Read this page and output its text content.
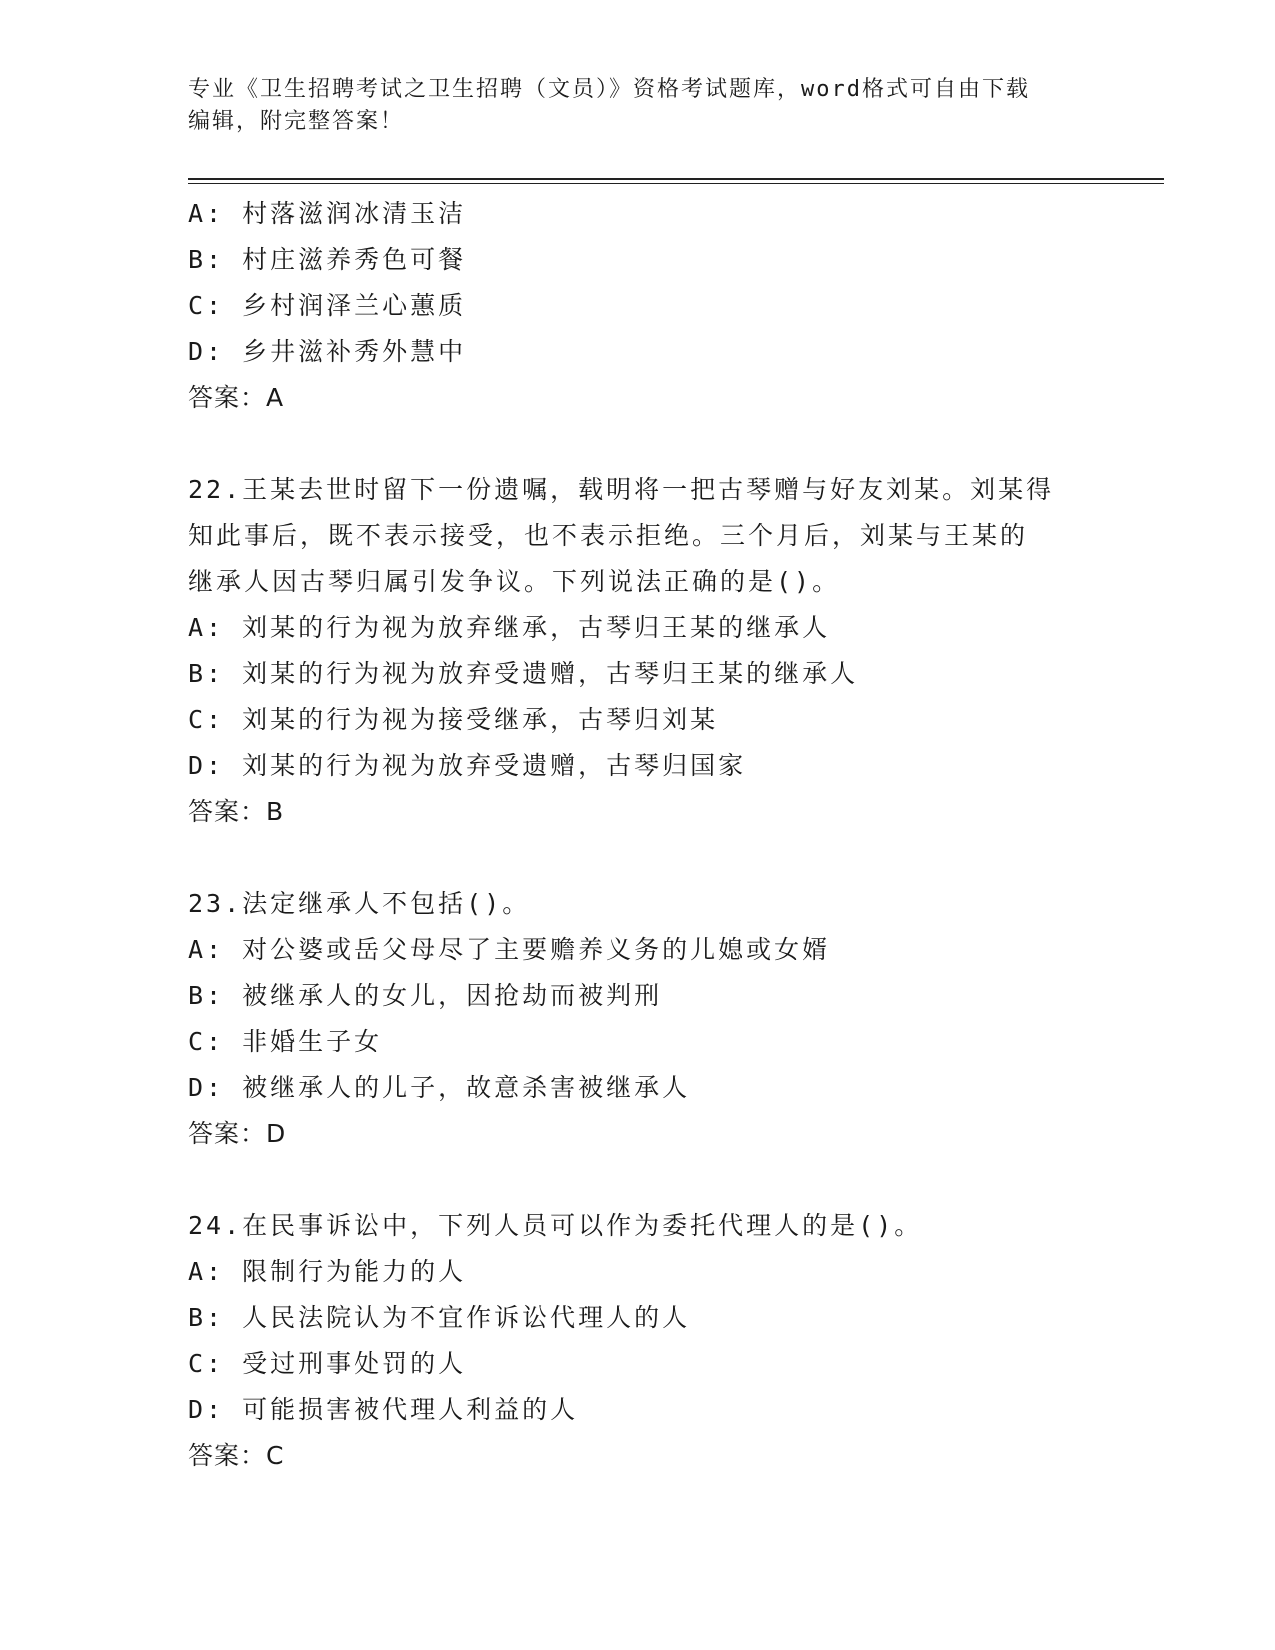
专业《卫生招聘考试之卫生招聘（文员）》资格考试题库，word格式可自由下载
编辑，附完整答案！
A: 村落滋润冰清玉洁
B: 村庄滋养秀色可餐
C: 乡村润泽兰心蕙质
D: 乡井滋补秀外慧中
答案：A
22.王某去世时留下一份遗嘱，载明将一把古琴赠与好友刘某。刘某得
知此事后，既不表示接受，也不表示拒绝。三个月后，刘某与王某的
继承人因古琴归属引发争议。下列说法正确的是()。
A: 刘某的行为视为放弃继承，古琴归王某的继承人
B: 刘某的行为视为放弃受遗赠，古琴归王某的继承人
C: 刘某的行为视为接受继承，古琴归刘某
D: 刘某的行为视为放弃受遗赠，古琴归国家
答案：B
23.法定继承人不包括()。
A: 对公婆或岳父母尽了主要赡养义务的儿媳或女婿
B: 被继承人的女儿，因抢劫而被判刑
C: 非婚生子女
D: 被继承人的儿子，故意杀害被继承人
答案：D
24.在民事诉讼中，下列人员可以作为委托代理人的是()。
A: 限制行为能力的人
B: 人民法院认为不宜作诉讼代理人的人
C: 受过刑事处罚的人
D: 可能损害被代理人利益的人
答案：C
